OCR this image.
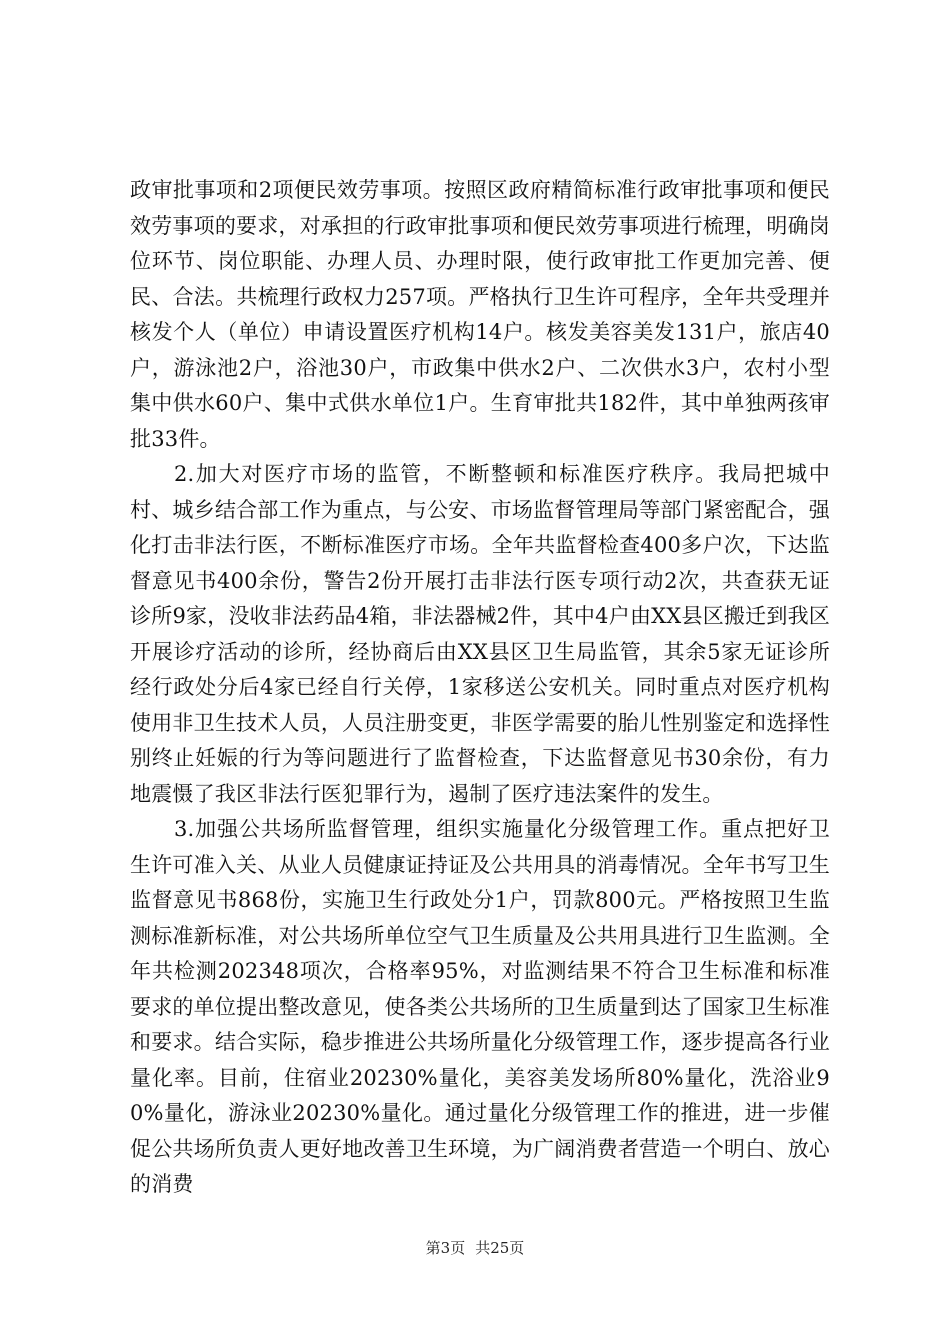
政审批事项和2项便民效劳事项。按照区政府精简标准行政审批事项和便民效劳事项的要求，对承担的行政审批事项和便民效劳事项进行梳理，明确岗位环节、岗位职能、办理人员、办理时限，使行政审批工作更加完善、便民、合法。共梳理行政权力257项。严格执行卫生许可程序，全年共受理并核发个人（单位）申请设置医疗机构14户。核发美容美发131户，旅店40户，游泳池2户，浴池30户，市政集中供水2户、二次供水3户，农村小型集中供水60户、集中式供水单位1户。生育审批共182件，其中单独两孩审批33件。

2.加大对医疗市场的监管，不断整顿和标准医疗秩序。我局把城中村、城乡结合部工作为重点，与公安、市场监督管理局等部门紧密配合，强化打击非法行医，不断标准医疗市场。全年共监督检查400多户次，下达监督意见书400余份，警告2份开展打击非法行医专项行动2次，共查获无证诊所9家，没收非法药品4箱，非法器械2件，其中4户由XX县区搬迁到我区开展诊疗活动的诊所，经协商后由XX县区卫生局监管，其余5家无证诊所经行政处分后4家已经自行关停，1家移送公安机关。同时重点对医疗机构使用非卫生技术人员，人员注册变更，非医学需要的胎儿性别鉴定和选择性别终止妊娠的行为等问题进行了监督检查，下达监督意见书30余份，有力地震慑了我区非法行医犯罪行为，遏制了医疗违法案件的发生。

3.加强公共场所监督管理，组织实施量化分级管理工作。重点把好卫生许可准入关、从业人员健康证持证及公共用具的消毒情况。全年书写卫生监督意见书868份，实施卫生行政处分1户，罚款800元。严格按照卫生监测标准新标准，对公共场所单位空气卫生质量及公共用具进行卫生监测。全年共检测202348项次，合格率95%，对监测结果不符合卫生标准和标准要求的单位提出整改意见，使各类公共场所的卫生质量到达了国家卫生标准和要求。结合实际，稳步推进公共场所量化分级管理工作，逐步提高各行业量化率。目前，住宿业20230%量化，美容美发场所80%量化，洗浴业90%量化，游泳业20230%量化。通过量化分级管理工作的推进，进一步催促公共场所负责人更好地改善卫生环境，为广阔消费者营造一个明白、放心的消费

第3页 共25页
